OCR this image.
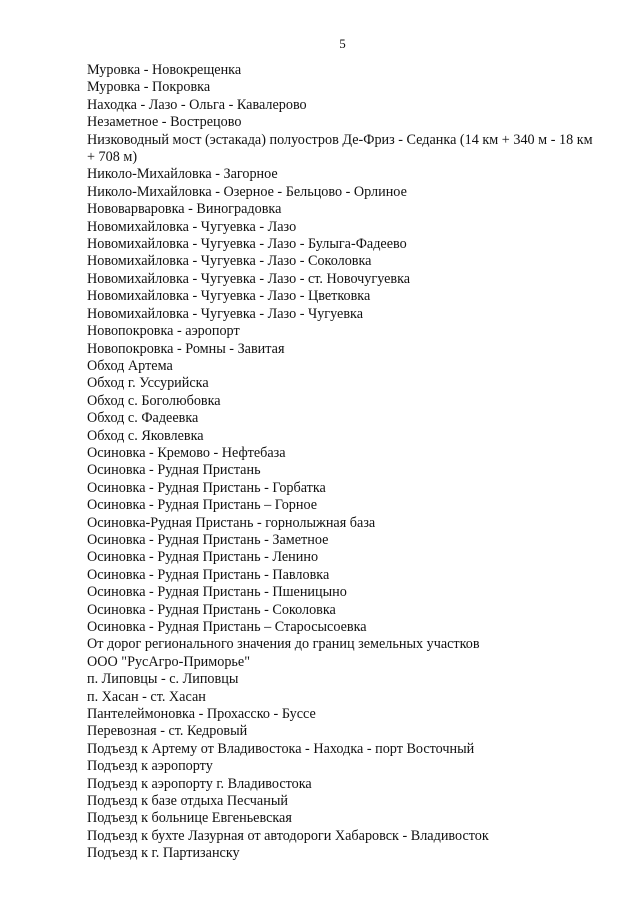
5
Муровка - Новокрещенка
Муровка - Покровка
Находка - Лазо - Ольга - Кавалерово
Незаметное - Вострецово
Низководный мост (эстакада) полуостров Де-Фриз - Седанка (14 км + 340 м - 18 км + 708 м)
Николо-Михайловка - Загорное
Николо-Михайловка - Озерное - Бельцово - Орлиное
Нововарваровка - Виноградовка
Новомихайловка - Чугуевка - Лазо
Новомихайловка - Чугуевка - Лазо - Булыга-Фадеево
Новомихайловка - Чугуевка - Лазо - Соколовка
Новомихайловка - Чугуевка - Лазо - ст. Новочугуевка
Новомихайловка - Чугуевка - Лазо - Цветковка
Новомихайловка - Чугуевка - Лазо - Чугуевка
Новопокровка - аэропорт
Новопокровка - Ромны - Завитая
Обход Артема
Обход г. Уссурийска
Обход с. Боголюбовка
Обход с. Фадеевка
Обход с. Яковлевка
Осиновка - Кремово - Нефтебаза
Осиновка - Рудная Пристань
Осиновка - Рудная Пристань - Горбатка
Осиновка - Рудная Пристань – Горное
Осиновка-Рудная Пристань - горнолыжная база
Осиновка - Рудная Пристань - Заметное
Осиновка - Рудная Пристань - Ленино
Осиновка - Рудная Пристань - Павловка
Осиновка - Рудная Пристань - Пшеницыно
Осиновка - Рудная Пристань - Соколовка
Осиновка - Рудная Пристань – Старосысоевка
От дорог регионального значения до границ земельных участков
ООО "РусАгро-Приморье"
п. Липовцы - с. Липовцы
п. Хасан - ст. Хасан
Пантелеймоновка - Прохасско - Буссе
Перевозная - ст. Кедровый
Подъезд к Артему от Владивостока - Находка - порт Восточный
Подъезд к аэропорту
Подъезд к аэропорту г. Владивостока
Подъезд к базе отдыха Песчаный
Подъезд к больнице Евгеньевская
Подъезд к бухте Лазурная от автодороги Хабаровск - Владивосток
Подъезд к г. Партизанску
